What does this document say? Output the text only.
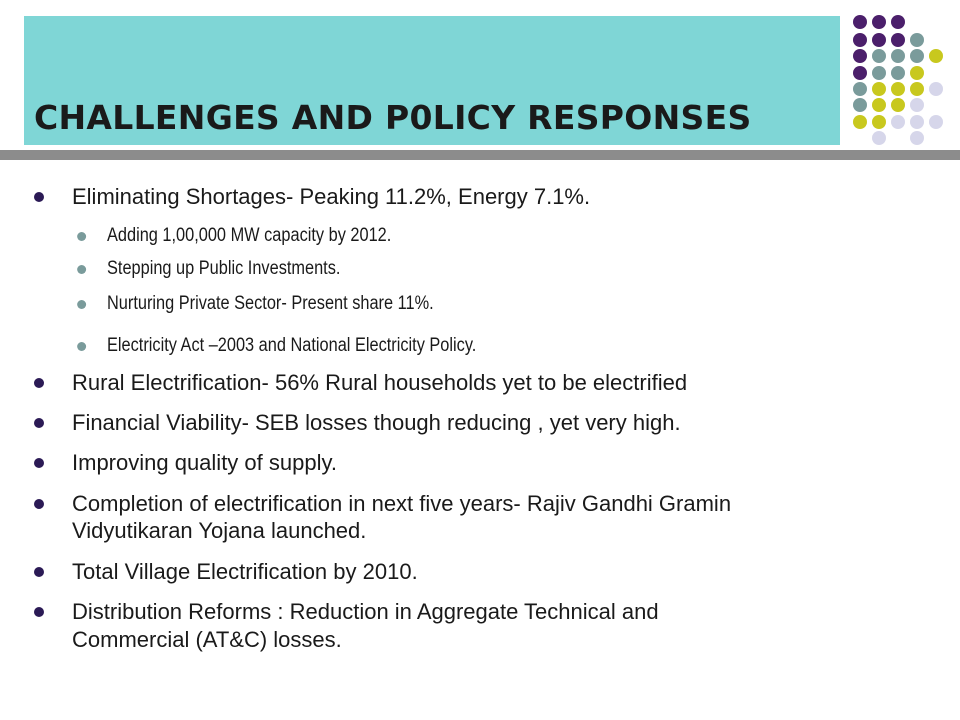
CHALLENGES AND P0LICY RESPONSES
Eliminating Shortages- Peaking 11.2%, Energy 7.1%.
Adding 1,00,000 MW capacity by 2012.
Stepping up Public Investments.
Nurturing Private Sector- Present share 11%.
Electricity Act –2003 and National Electricity Policy.
Rural Electrification- 56% Rural households yet to be electrified
Financial Viability- SEB losses though reducing , yet very high.
Improving quality of supply.
Completion of electrification in next five years- Rajiv Gandhi Gramin
Vidyutikaran Yojana launched.
Total Village Electrification by 2010.
Distribution Reforms : Reduction in Aggregate Technical and
Commercial (AT&C) losses.
